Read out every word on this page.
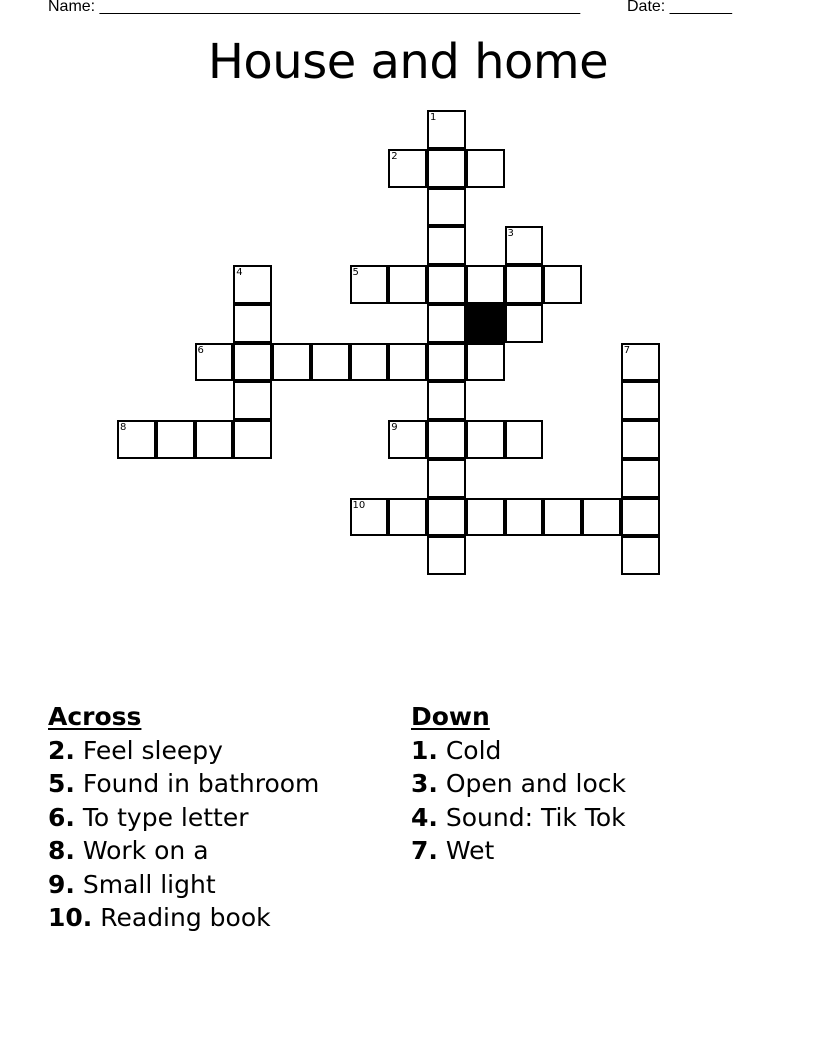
Name: ______________________________________________________	Date: _______
House and home
1
2
3
4	5
6	7
8	9
10
Across
2. Feel sleepy
5. Found in bathroom
6. To type letter
8. Work on a
9. Small light
10. Reading book
Down
1. Cold
3. Open and lock
4. Sound: Tik Tok
7. Wet
